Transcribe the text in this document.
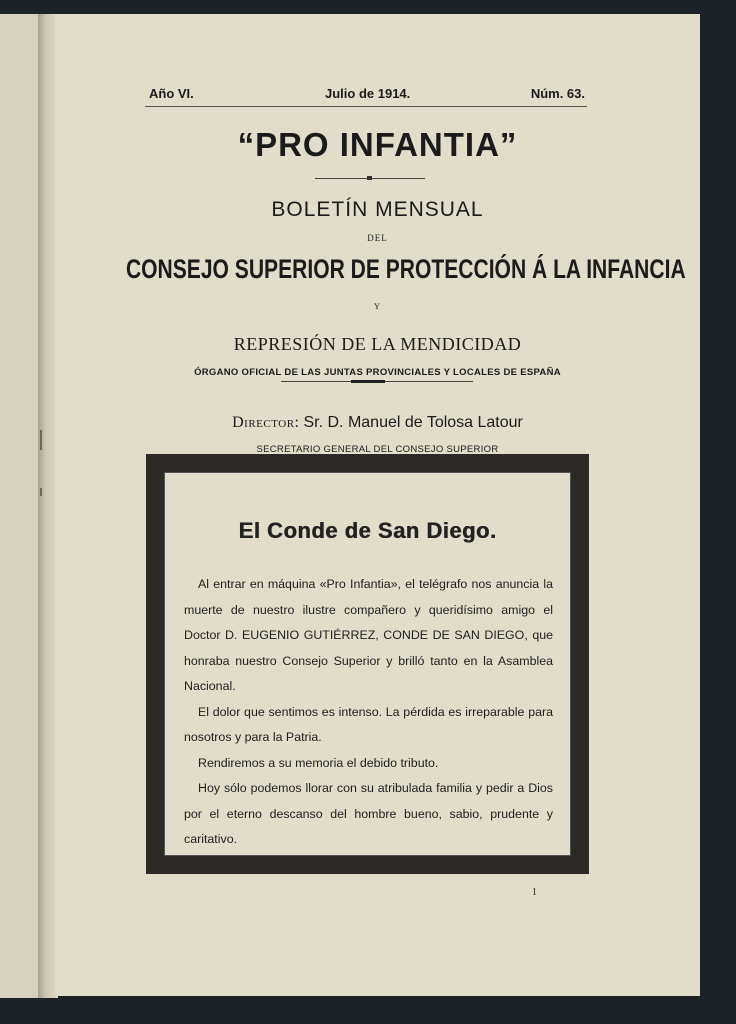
Año VI.	Julio de 1914.	Núm. 63.
“PRO INFANTIA”
BOLETÍN MENSUAL
DEL
CONSEJO SUPERIOR DE PROTECCIÓN Á LA INFANCIA
Y
REPRESIÓN DE LA MENDICIDAD
ÓRGANO OFICIAL DE LAS JUNTAS PROVINCIALES Y LOCALES DE ESPAÑA
Director: Sr. D. Manuel de Tolosa Latour
SECRETARIO GENERAL DEL CONSEJO SUPERIOR
El Conde de San Diego.

Al entrar en máquina «Pro Infantia», el telégrafo nos anuncia la muerte de nuestro ilustre compañero y queridísimo amigo el Doctor D. EUGENIO GUTIÉRREZ, CONDE DE SAN DIEGO, que honraba nuestro Consejo Superior y brilló tanto en la Asamblea Nacional.

El dolor que sentimos es intenso. La pérdida es irreparable para nosotros y para la Patria.

Rendiremos a su memoria el debido tributo.

Hoy sólo podemos llorar con su atribulada familia y pedir a Dios por el eterno descanso del hombre bueno, sabio, prudente y caritativo.

1
